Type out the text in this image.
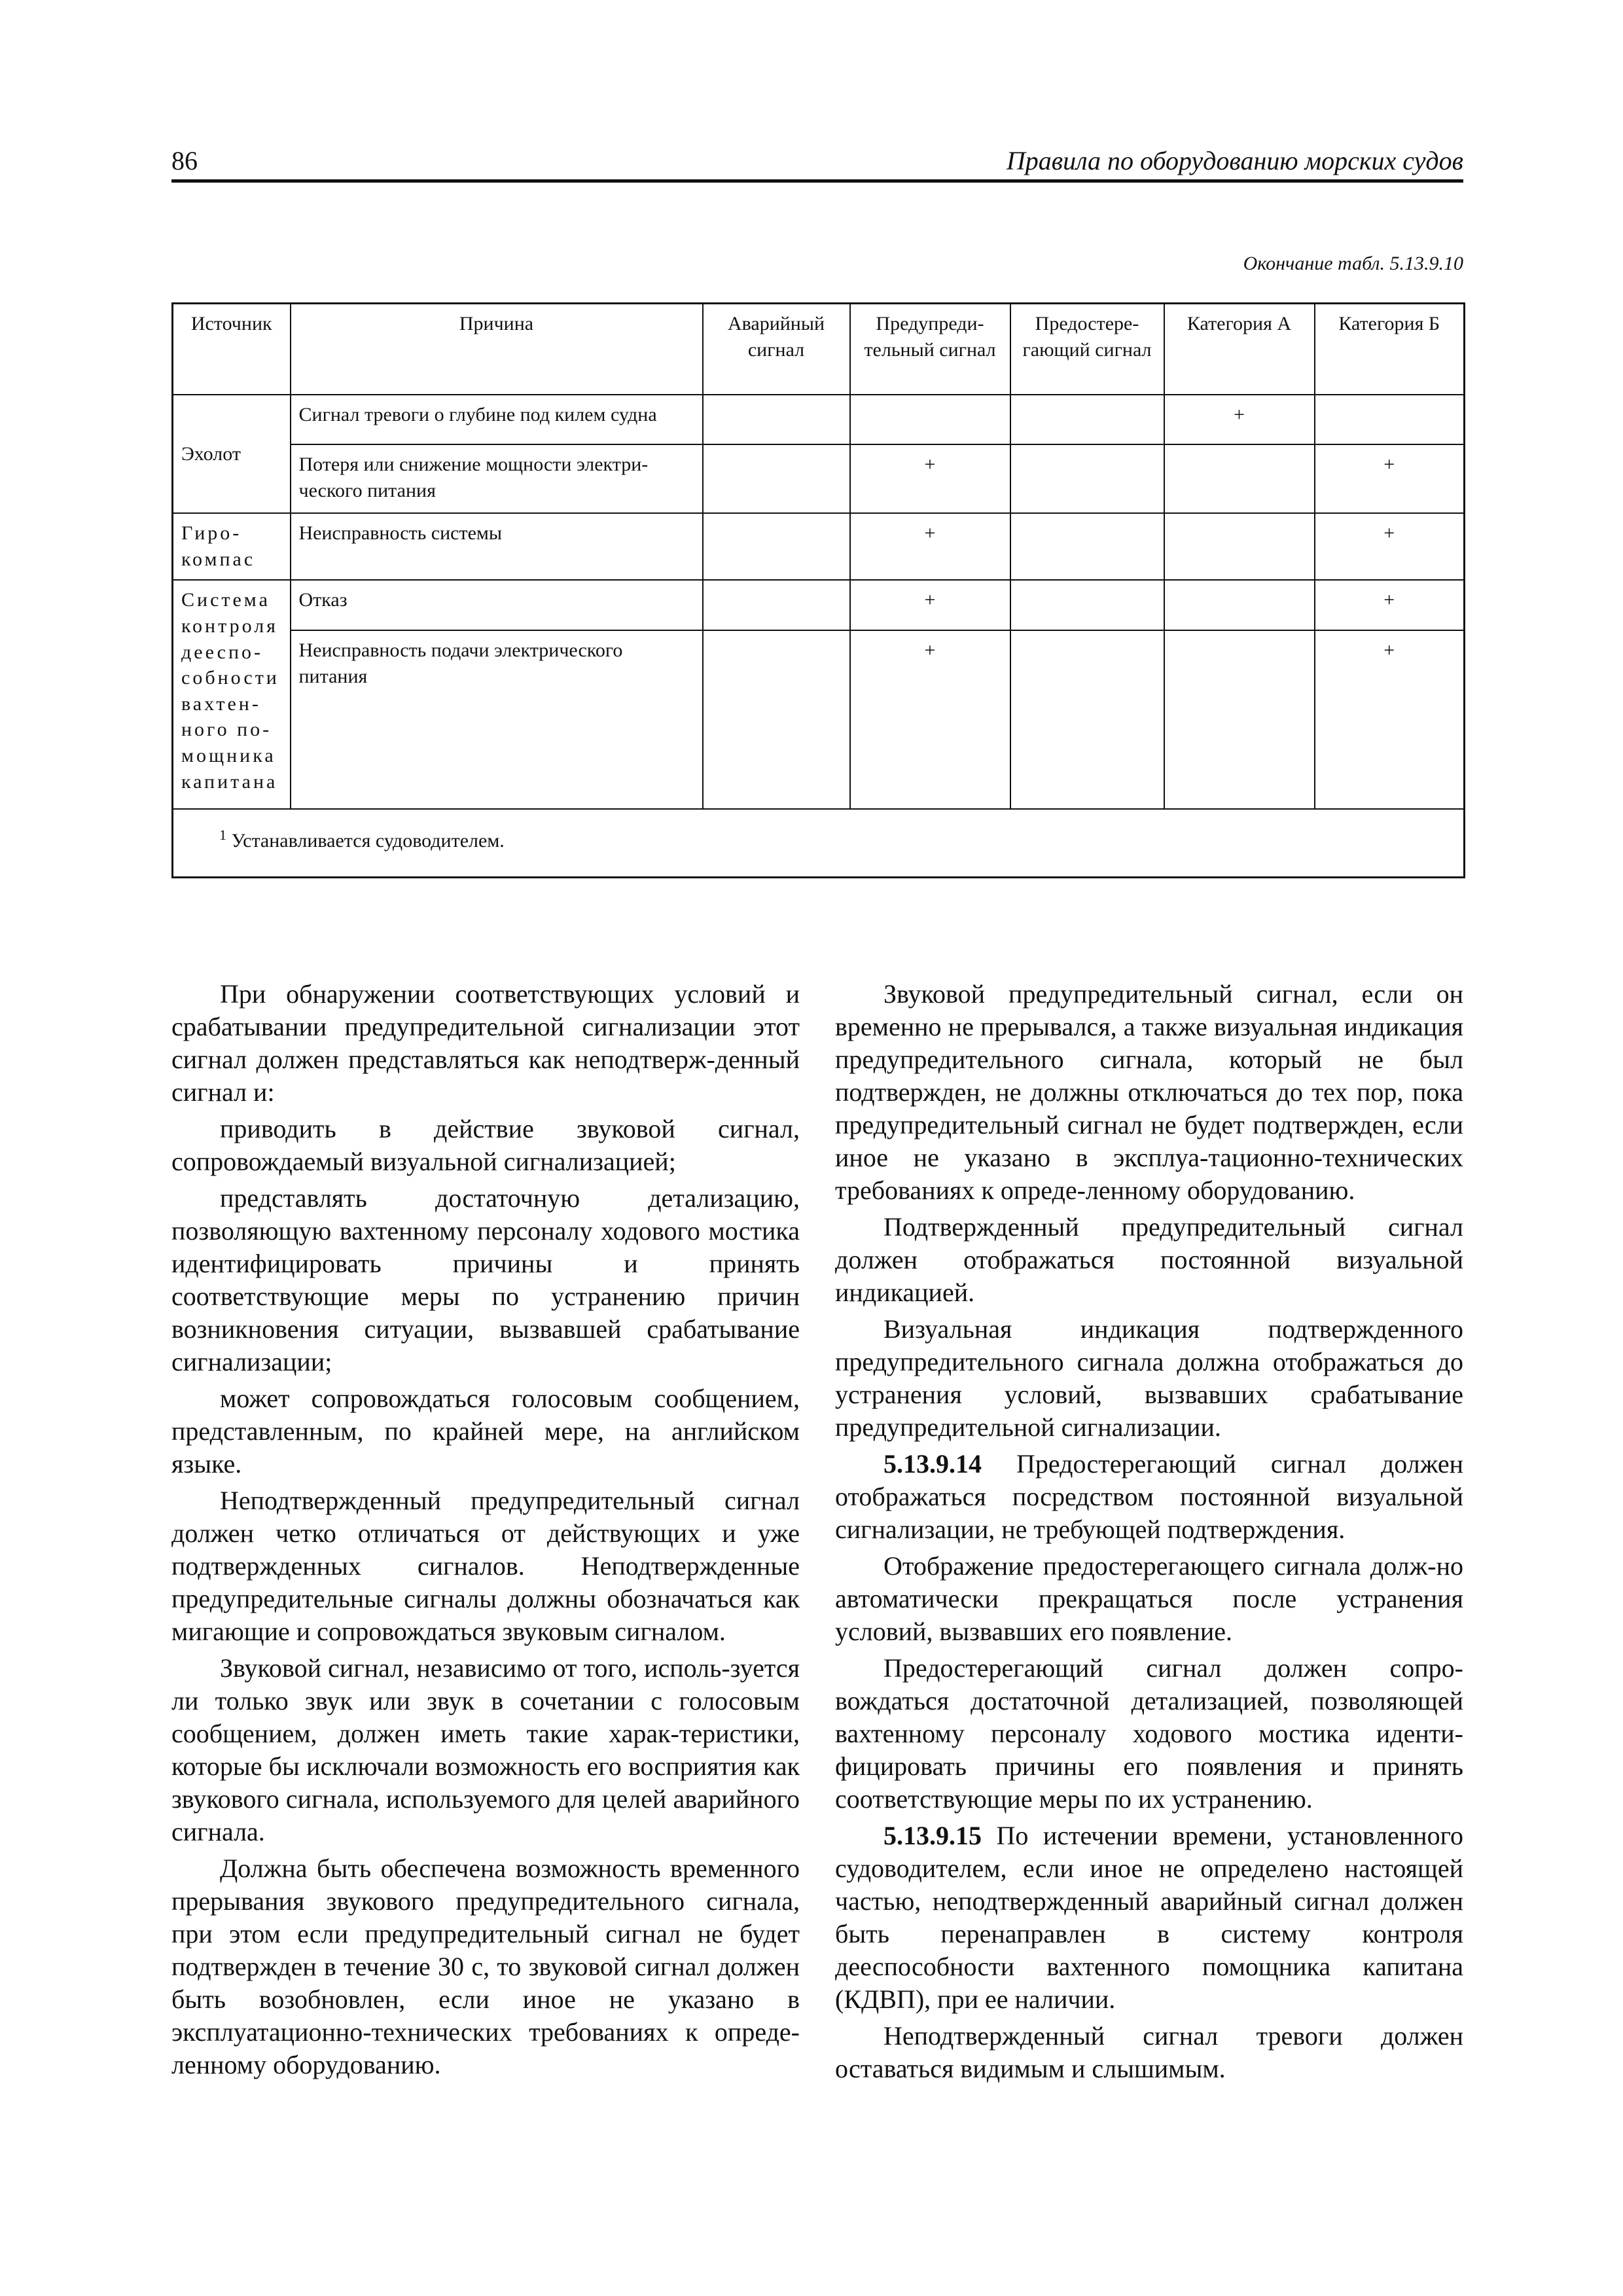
86	Правила по оборудованию морских судов
Окончание табл. 5.13.9.10
Источник	Причина	Аварийный сигнал	Предупреди-тельный сигнал	Предостере-гающий сигнал	Категория А	Категория Б
Эхолот	Сигнал тревоги о глубине под килем судна				+	
	Потеря или снижение мощности электри-ческого питания		+			+
Гиро-компас	Неисправность системы		+			+
Система контроля дееспо-собности вахтен-ного по-мощника капитана	Отказ		+			+
	Неисправность подачи электрического питания		+			+
$^1$ Устанавливается судоводителем.						

При обнаружении соответствующих условий и срабатывании предупредительной сигнализации этот сигнал должен представляться как неподтверж-денный сигнал и:

приводить в действие звуковой сигнал, сопровождаемый визуальной сигнализацией;

представлять достаточную детализацию, позволяющую вахтенному персоналу ходового мостика идентифицировать причины и принять соответствующие меры по устранению причин возникновения ситуации, вызвавшей срабатывание сигнализации;

может сопровождаться голосовым сообщением, представленным, по крайней мере, на английском языке.

Неподтвержденный предупредительный сигнал должен четко отличаться от действующих и уже подтвержденных сигналов. Неподтвержденные предупредительные сигналы должны обозначаться как мигающие и сопровождаться звуковым сигналом.

Звуковой сигнал, независимо от того, исполь-зуется ли только звук или звук в сочетании с голосовым сообщением, должен иметь такие харак-теристики, которые бы исключали возможность его восприятия как звукового сигнала, используемого для целей аварийного сигнала.

Должна быть обеспечена возможность временного прерывания звукового предупредительного сигнала, при этом если предупредительный сигнал не будет подтвержден в течение 30 с, то звуковой сигнал должен быть возобновлен, если иное не указано в эксплуатационно-технических требованиях к опреде-ленному оборудованию.

Звуковой предупредительный сигнал, если он временно не прерывался, а также визуальная индикация предупредительного сигнала, который не был подтвержден, не должны отключаться до тех пор, пока предупредительный сигнал не будет подтвержден, если иное не указано в эксплуа-тационно-технических требованиях к опреде-ленному оборудованию.

Подтвержденный предупредительный сигнал должен отображаться постоянной визуальной индикацией.

Визуальная индикация подтвержденного предупредительного сигнала должна отображаться до устранения условий, вызвавших срабатывание предупредительной сигнализации.

5.13.9.14 Предостерегающий сигнал должен отображаться посредством постоянной визуальной сигнализации, не требующей подтверждения.

Отображение предостерегающего сигнала долж-но автоматически прекращаться после устранения условий, вызвавших его появление.

Предостерегающий сигнал должен сопро-вождаться достаточной детализацией, позволяющей вахтенному персоналу ходового мостика иденти-фицировать причины его появления и принять соответствующие меры по их устранению.

5.13.9.15 По истечении времени, установленного судоводителем, если иное не определено настоящей частью, неподтвержденный аварийный сигнал должен быть перенаправлен в систему контроля дееспособности вахтенного помощника капитана (КДВП), при ее наличии.

Неподтвержденный сигнал тревоги должен оставаться видимым и слышимым.
